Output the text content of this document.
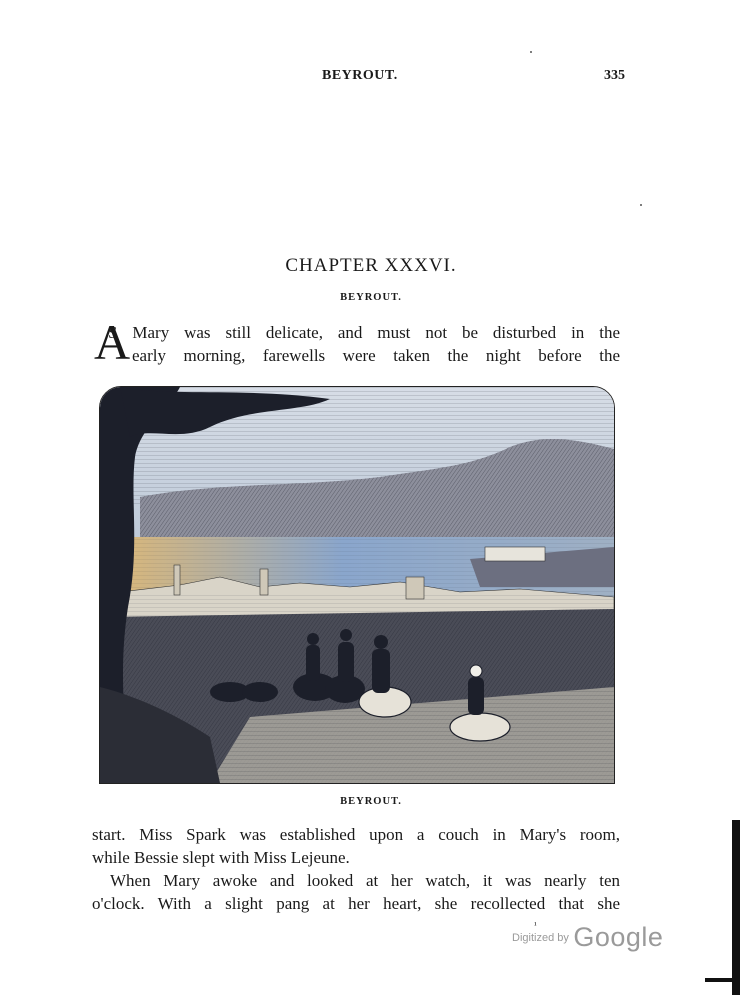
BEYROUT.	335
CHAPTER XXXVI.
BEYROUT.
A
S Mary was still delicate, and must not be disturbed in the
early morning, farewells were taken the night before the
BEYROUT.
start. Miss Spark was established upon a couch in Mary's room,
while Bessie slept with Miss Lejeune.
When Mary awoke and looked at her watch, it was nearly ten
o'clock. With a slight pang at her heart, she recollected that she
¹
$^{Digitized by}$ Google
